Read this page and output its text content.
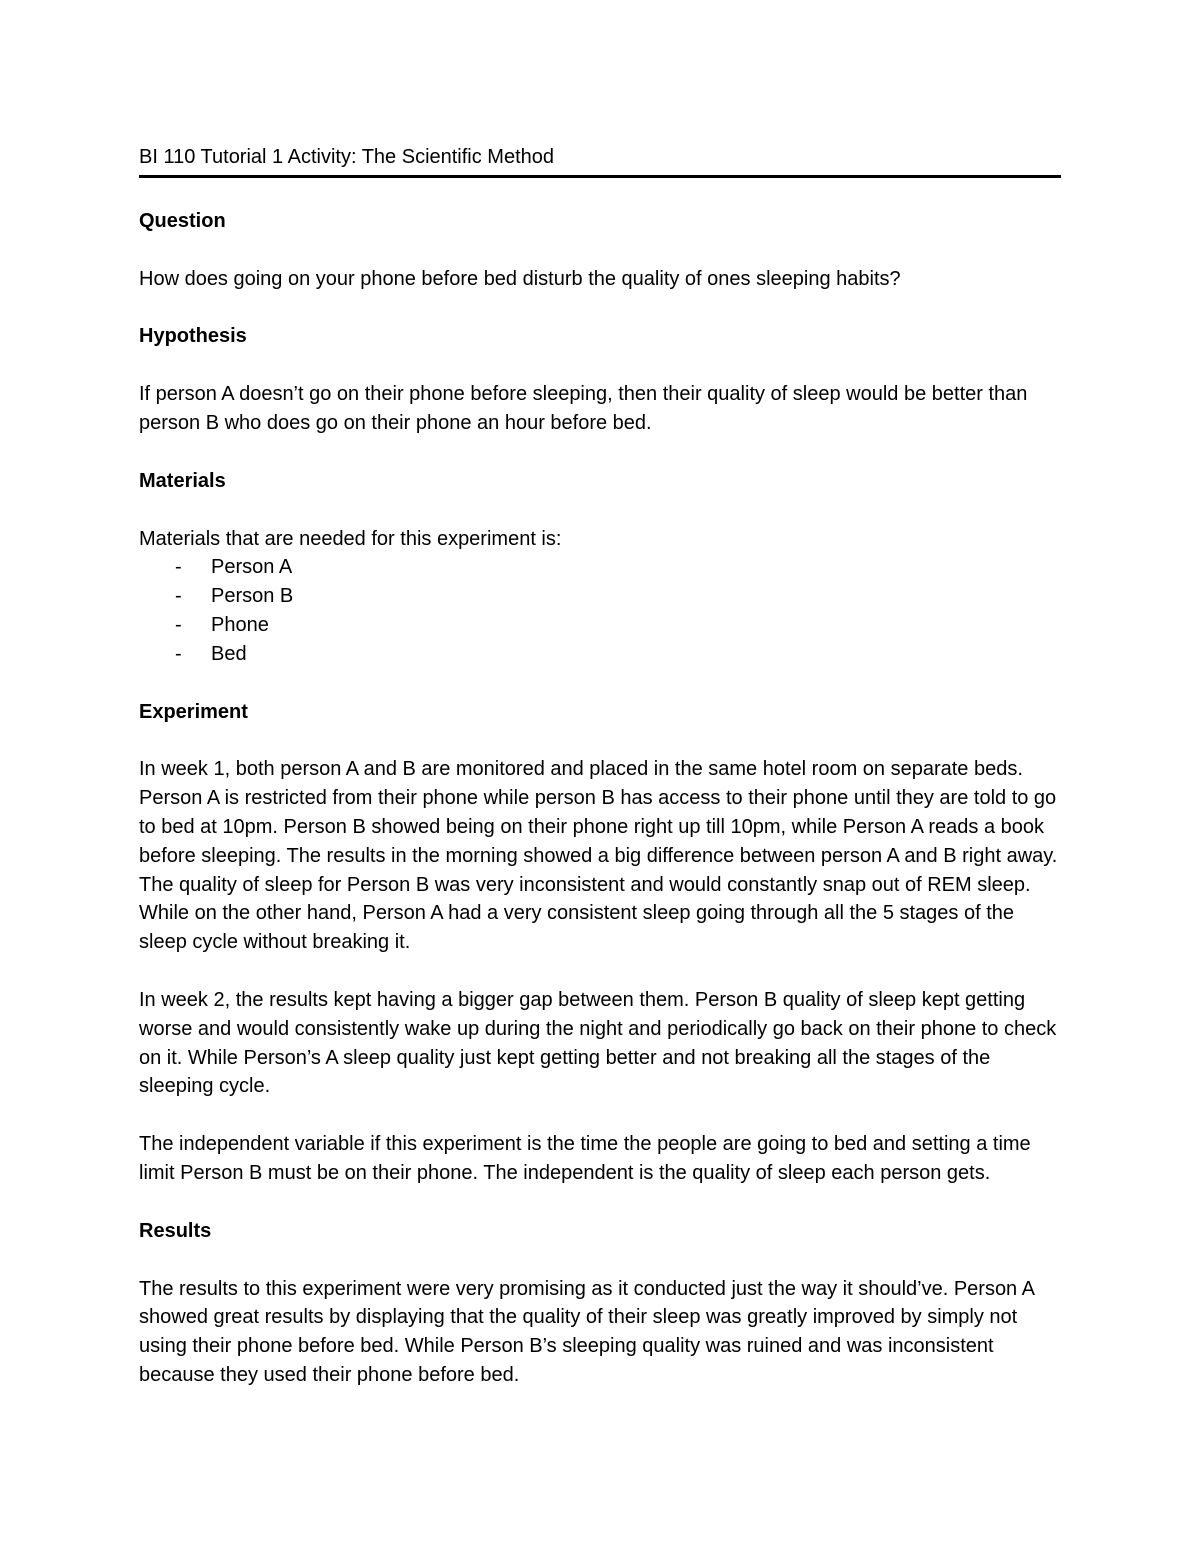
BI 110 Tutorial 1 Activity: The Scientific Method
Question

How does going on your phone before bed disturb the quality of ones sleeping habits?

Hypothesis

If person A doesn’t go on their phone before sleeping, then their quality of sleep would be better than person B who does go on their phone an hour before bed.

Materials

Materials that are needed for this experiment is:

- Person A
- Person B
- Phone
- Bed
Experiment

In week 1, both person A and B are monitored and placed in the same hotel room on separate beds. Person A is restricted from their phone while person B has access to their phone until they are told to go to bed at 10pm. Person B showed being on their phone right up till 10pm, while Person A reads a book before sleeping. The results in the morning showed a big difference between person A and B right away. The quality of sleep for Person B was very inconsistent and would constantly snap out of REM sleep. While on the other hand, Person A had a very consistent sleep going through all the 5 stages of the sleep cycle without breaking it.

In week 2, the results kept having a bigger gap between them. Person B quality of sleep kept getting worse and would consistently wake up during the night and periodically go back on their phone to check on it. While Person’s A sleep quality just kept getting better and not breaking all the stages of the sleeping cycle.

The independent variable if this experiment is the time the people are going to bed and setting a time limit Person B must be on their phone. The independent is the quality of sleep each person gets.

Results

The results to this experiment were very promising as it conducted just the way it should’ve. Person A showed great results by displaying that the quality of their sleep was greatly improved by simply not using their phone before bed. While Person B’s sleeping quality was ruined and was inconsistent because they used their phone before bed.
